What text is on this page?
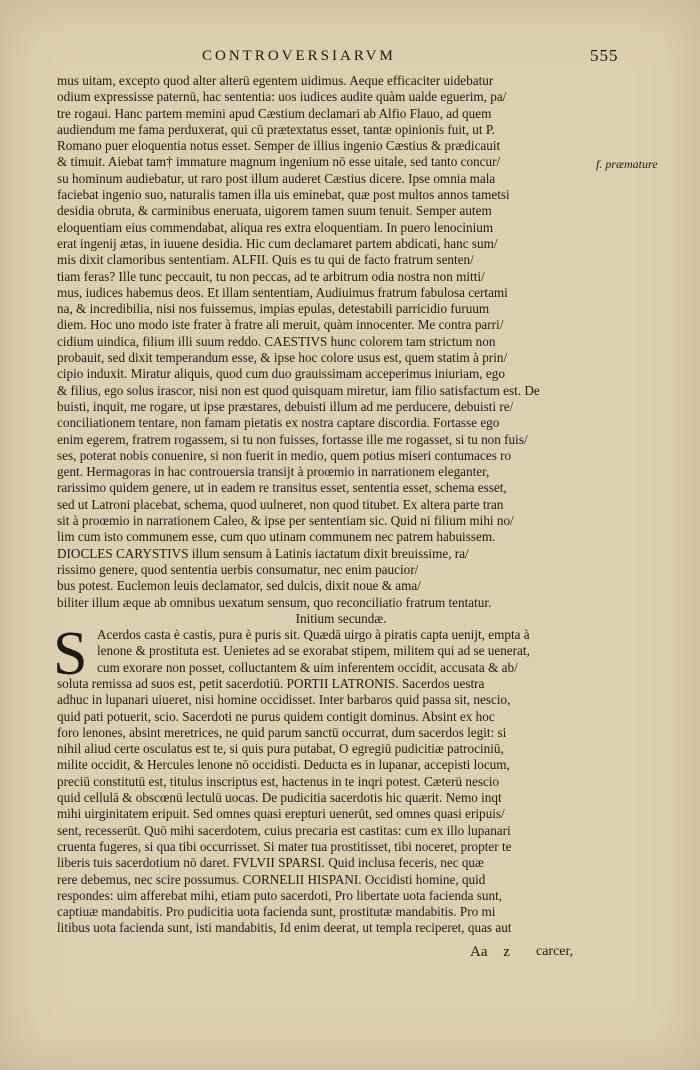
CONTROVERSIARVM	555
f. præmature
mus uitam, excepto quod alter alterū egentem uidimus. Aeque efficaciter uidebatur
odium expressisse paternū, hac sententia: uos iudices audite quàm ualde eguerim, pa/
tre rogaui. Hanc partem memini apud Cæstium declamari ab Alfio Flauo, ad quem
audiendum me fama perduxerat, qui cū prætextatus esset, tantæ opinionis fuit, ut P.
Romano puer eloquentia notus esset. Semper de illius ingenio Cæstius & prædicauit
& timuit. Aiebat tam† immature magnum ingenium nō esse uitale, sed tanto concur/
su hominum audiebatur, ut raro post illum auderet Cæstius dicere. Ipse omnia mala
faciebat ingenio suo, naturalis tamen illa uis eminebat, quæ post multos annos tametsi
desidia obruta, & carminibus eneruata, uigorem tamen suum tenuit. Semper autem
eloquentiam eius commendabat, aliqua res extra eloquentiam. In puero lenocinium
erat ingenij ætas, in iuuene desidia. Hic cum declamaret partem abdicati, hanc sum/
mis dixit clamoribus sententiam. ALFII. Quis es tu qui de facto fratrum senten/
tiam feras? Ille tunc peccauit, tu non peccas, ad te arbitrum odia nostra non mitti/
mus, iudices habemus deos. Et illam sententiam, Audiuimus fratrum fabulosa certami
na, & incredibilia, nisi nos fuissemus, impias epulas, detestabili parricidio furuum
diem. Hoc uno modo iste frater à fratre ali meruit, quàm innocenter. Me contra parri/
cidium uindica, filium illi suum reddo. CAESTIVS hunc colorem tam strictum non
probauit, sed dixit temperandum esse, & ipse hoc colore usus est, quem statim à prin/
cipio induxit. Miratur aliquis, quod cum duo grauissimam acceperimus iniuriam, ego
& filius, ego solus irascor, nisi non est quod quisquam miretur, iam filio satisfactum est. De
buisti, inquit, me rogare, ut ipse præstares, debuisti illum ad me perducere, debuisti re/
conciliationem tentare, non famam pietatis ex nostra captare discordia. Fortasse ego
enim egerem, fratrem rogassem, si tu non fuisses, fortasse ille me rogasset, si tu non fuis/
ses, poterat nobis conuenire, si non fuerit in medio, quem potius miseri contumaces ro
gent. Hermagoras in hac controuersia transijt à proœmio in narrationem eleganter,
rarissimo quidem genere, ut in eadem re transitus esset, sententia esset, schema esset,
sed ut Latroni placebat, schema, quod uulneret, non quod titubet. Ex altera parte tran
sit à proœmio in narrationem Caleo, & ipse per sententiam sic. Quid ni filium mihi no/
lim cum isto communem esse, cum quo utinam communem nec patrem habuissem.
DIOCLES CARYSTIVS illum sensum à Latinis iactatum dixit breuissime, ra/
rissimo genere, quod sententia uerbis consumatur, nec enim paucior/
bus potest. Euclemon leuis declamator, sed dulcis, dixit noue & ama/
biliter illum æque ab omnibus uexatum sensum, quo reconciliatio fratrum tentatur.
Initium secundæ.
S Acerdos casta è castis, pura è puris sit. Quædā uirgo à piratis capta uenijt, empta à
lenone & prostituta est. Uenietes ad se exorabat stipem, militem qui ad se uenerat,
cum exorare non posset, colluctantem & uim inferentem occidit, accusata & ab/
soluta remissa ad suos est, petit sacerdotiū. PORTII LATRONIS. Sacerdos uestra
adhuc in lupanari uiueret, nisi homine occidisset. Inter barbaros quid passa sit, nescio,
quid pati potuerit, scio. Sacerdoti ne purus quidem contigit dominus. Absint ex hoc
foro lenones, absint meretrices, ne quid parum sanctū occurrat, dum sacerdos legit: si
nihil aliud certe osculatus est te, si quis pura putabat, O egregiū pudicitiæ patrociniū,
milite occidit, & Hercules lenone nō occidisti. Deducta es in lupanar, accepisti locum,
preciū constitutū est, titulus inscriptus est, hactenus in te inqri potest. Cæterū nescio
quid cellulā & obscœnū lectulū uocas. De pudicitia sacerdotis hic quærit. Nemo inqt
mihi uirginitatem eripuit. Sed omnes quasi erepturi uenerūt, sed omnes quasi eripuis/
sent, recesserūt. Quō mihi sacerdotem, cuius precaria est castitas: cum ex illo lupanari
cruenta fugeres, si qua tibi occurrisset. Si mater tua prostitisset, tibi noceret, propter te
liberis tuis sacerdotium nō daret. FVLVII SPARSI. Quid inclusa feceris, nec quæ
rere debemus, nec scire possumus. CORNELII HISPANI. Occidisti homine, quid
respondes: uim afferebat mihi, etiam puto sacerdoti, Pro libertate uota facienda sunt,
captiuæ mandabitis. Pro pudicitia uota facienda sunt, prostitutæ mandabitis. Pro mi
litibus uota facienda sunt, isti mandabitis, Id enim deerat, ut templa reciperet, quas aut
Aa z carcer,
